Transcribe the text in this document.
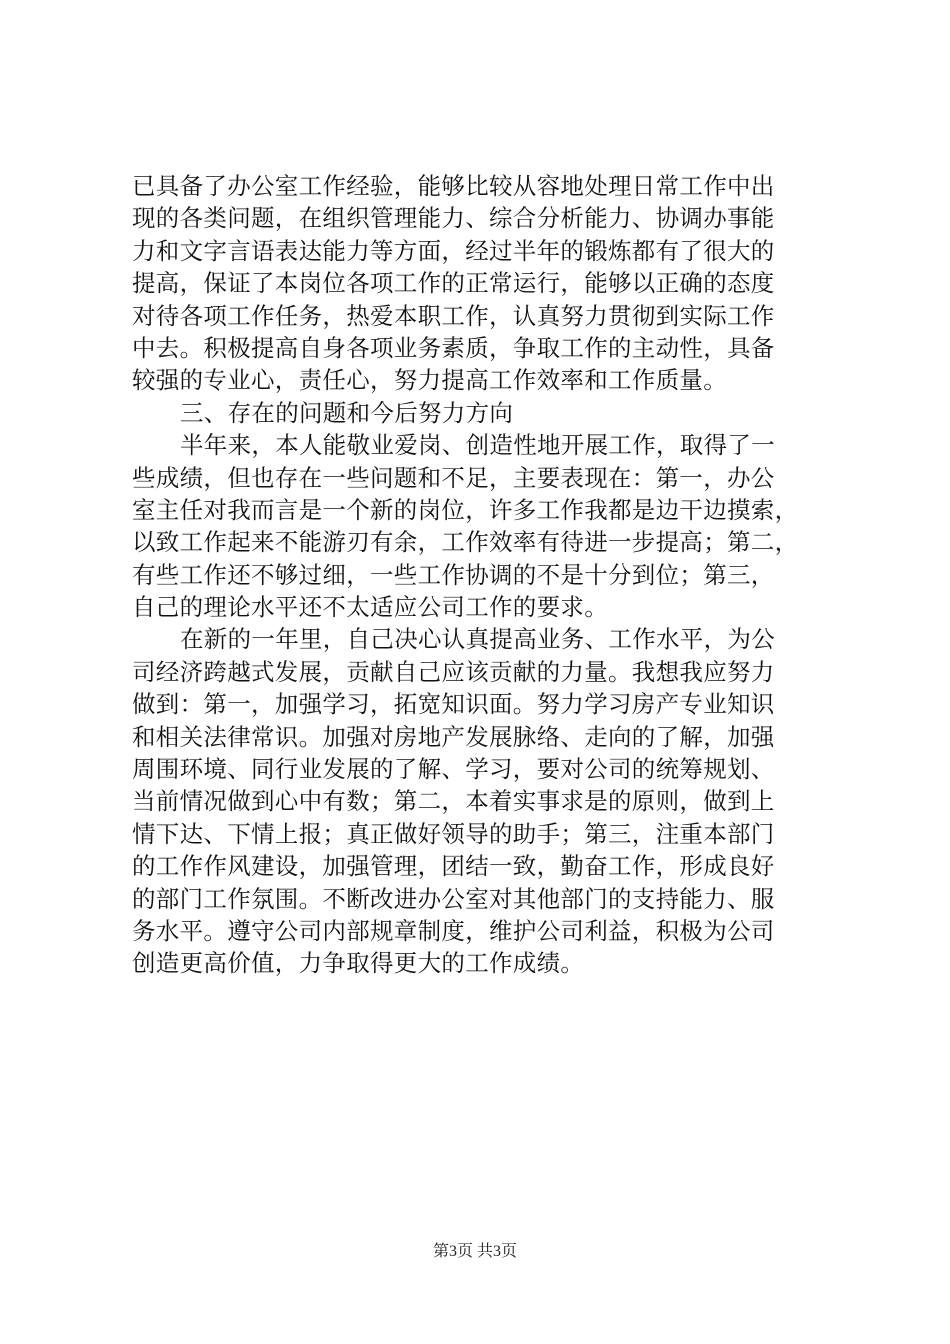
已具备了办公室工作经验，能够比较从容地处理日常工作中出
现的各类问题，在组织管理能力、综合分析能力、协调办事能
力和文字言语表达能力等方面，经过半年的锻炼都有了很大的
提高，保证了本岗位各项工作的正常运行，能够以正确的态度
对待各项工作任务，热爱本职工作，认真努力贯彻到实际工作
中去。积极提高自身各项业务素质，争取工作的主动性，具备
较强的专业心，责任心，努力提高工作效率和工作质量。
三、存在的问题和今后努力方向
半年来，本人能敬业爱岗、创造性地开展工作，取得了一
些成绩，但也存在一些问题和不足，主要表现在：第一，办公
室主任对我而言是一个新的岗位，许多工作我都是边干边摸索，
以致工作起来不能游刃有余，工作效率有待进一步提高；第二，
有些工作还不够过细，一些工作协调的不是十分到位；第三，
自己的理论水平还不太适应公司工作的要求。
在新的一年里，自己决心认真提高业务、工作水平，为公
司经济跨越式发展，贡献自己应该贡献的力量。我想我应努力
做到：第一，加强学习，拓宽知识面。努力学习房产专业知识
和相关法律常识。加强对房地产发展脉络、走向的了解，加强
周围环境、同行业发展的了解、学习，要对公司的统筹规划、
当前情况做到心中有数；第二，本着实事求是的原则，做到上
情下达、下情上报；真正做好领导的助手；第三，注重本部门
的工作作风建设，加强管理，团结一致，勤奋工作，形成良好
的部门工作氛围。不断改进办公室对其他部门的支持能力、服
务水平。遵守公司内部规章制度，维护公司利益，积极为公司
创造更高价值，力争取得更大的工作成绩。
第3页 共3页
